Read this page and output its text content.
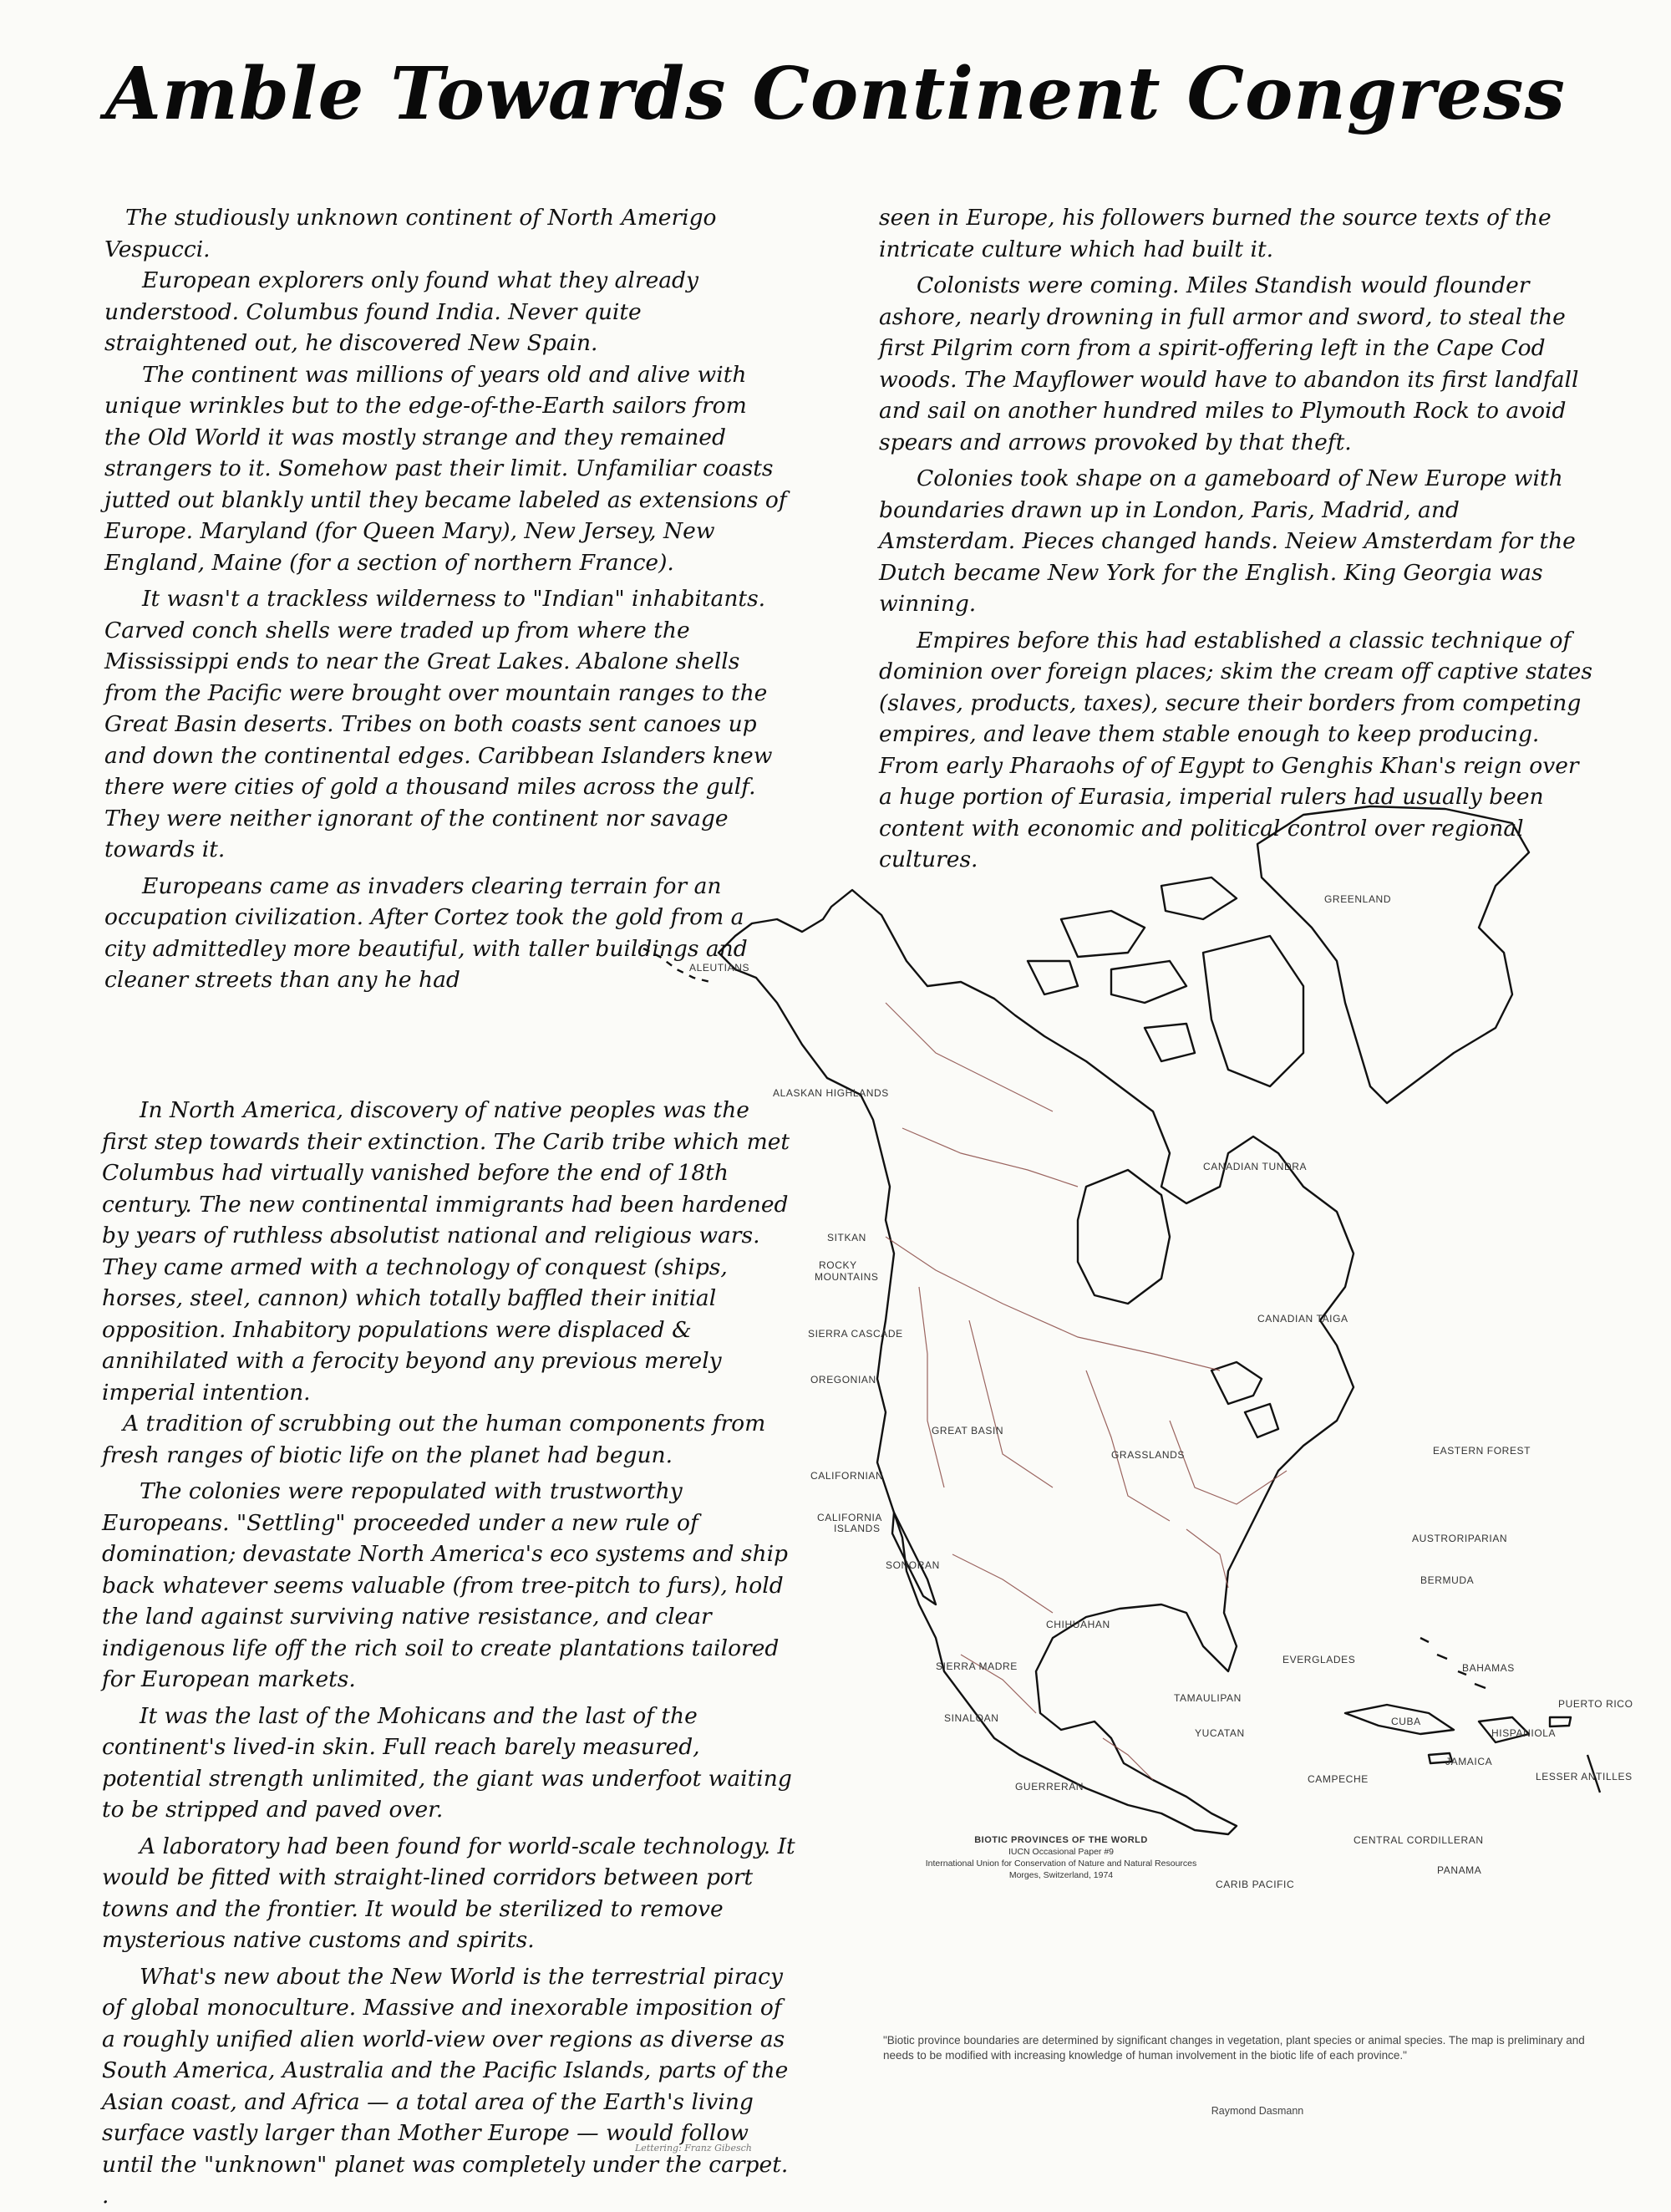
Amble Towards Continent Congress

The studiously unknown continent of North Amerigo Vespucci.

European explorers only found what they already understood. Columbus found India. Never quite straightened out, he discovered New Spain.

The continent was millions of years old and alive with unique wrinkles but to the edge-of-the-Earth sailors from the Old World it was mostly strange and they remained strangers to it. Somehow past their limit. Unfamiliar coasts jutted out blankly until they became labeled as extensions of Europe. Maryland (for Queen Mary), New Jersey, New England, Maine (for a section of northern France).

It wasn't a trackless wilderness to "Indian" inhabitants. Carved conch shells were traded up from where the Mississippi ends to near the Great Lakes. Abalone shells from the Pacific were brought over mountain ranges to the Great Basin deserts. Tribes on both coasts sent canoes up and down the continental edges. Caribbean Islanders knew there were cities of gold a thousand miles across the gulf. They were neither ignorant of the continent nor savage towards it.

Europeans came as invaders clearing terrain for an occupation civilization. After Cortez took the gold from a city admittedley more beautiful, with taller buildings and cleaner streets than any he had

seen in Europe, his followers burned the source texts of the intricate culture which had built it.

Colonists were coming. Miles Standish would flounder ashore, nearly drowning in full armor and sword, to steal the first Pilgrim corn from a spirit-offering left in the Cape Cod woods. The Mayflower would have to abandon its first landfall and sail on another hundred miles to Plymouth Rock to avoid spears and arrows provoked by that theft.

Colonies took shape on a gameboard of New Europe with boundaries drawn up in London, Paris, Madrid, and Amsterdam. Pieces changed hands. Neiew Amsterdam for the Dutch became New York for the English. King Georgia was winning.

Empires before this had established a classic technique of dominion over foreign places; skim the cream off captive states (slaves, products, taxes), secure their borders from competing empires, and leave them stable enough to keep producing. From early Pharaohs of of Egypt to Genghis Khan's reign over a huge portion of Eurasia, imperial rulers had usually been content with economic and political control over regional cultures.

In North America, discovery of native peoples was the first step towards their extinction. The Carib tribe which met Columbus had virtually vanished before the end of 18th century. The new continental immigrants had been hardened by years of ruthless absolutist national and religious wars. They came armed with a technology of conquest (ships, horses, steel, cannon) which totally baffled their initial opposition. Inhabitory populations were displaced & annihilated with a ferocity beyond any previous merely imperial intention.

A tradition of scrubbing out the human components from fresh ranges of biotic life on the planet had begun.

The colonies were repopulated with trustworthy Europeans. "Settling" proceeded under a new rule of domination; devastate North America's eco systems and ship back whatever seems valuable (from tree-pitch to furs), hold the land against surviving native resistance, and clear indigenous life off the rich soil to create plantations tailored for European markets.

It was the last of the Mohicans and the last of the continent's lived-in skin. Full reach barely measured, potential strength unlimited, the giant was underfoot waiting to be stripped and paved over.

A laboratory had been found for world-scale technology. It would be fitted with straight-lined corridors between port towns and the frontier. It would be sterilized to remove mysterious native customs and spirits.

What's new about the New World is the terrestrial piracy of global monoculture. Massive and inexorable imposition of a roughly unified alien world-view over regions as diverse as South America, Australia and the Pacific Islands, parts of the Asian coast, and Africa — a total area of the Earth's living surface vastly larger than Mother Europe — would follow until the "unknown" planet was completely under the carpet. .

GREENLAND
ALEUTIANS
ALASKAN HIGHLANDS
CANADIAN TUNDRA
SITKAN
ROCKY
MOUNTAINS
CANADIAN TAIGA
SIERRA CASCADE
OREGONIAN
GREAT BASIN
GRASSLANDS	EASTERN FOREST
CALIFORNIAN
CALIFORNIA
ISLANDS
AUSTRORIPARIAN
SONORAN
BERMUDA
CHIHUAHAN
EVERGLADES
BAHAMAS
SIERRA MADRE
TAMAULIPAN	PUERTO RICO
SINALOAN	CUBA
HISPANIOLA
YUCATAN
JAMAICA
GUERRERAN
CAMPECHE	LESSER ANTILLES
CENTRAL CORDILLERAN
PANAMA
CARIB PACIFIC
BIOTIC PROVINCES OF THE WORLD
IUCN Occasional Paper #9
International Union for Conservation of Nature and Natural Resources
Morges, Switzerland, 1974
"Biotic province boundaries are determined by significant changes in vegetation, plant species or animal species. The map is preliminary and needs to be modified with increasing knowledge of human involvement in the biotic life of each province."
Raymond Dasmann
Lettering: Franz Gibesch
